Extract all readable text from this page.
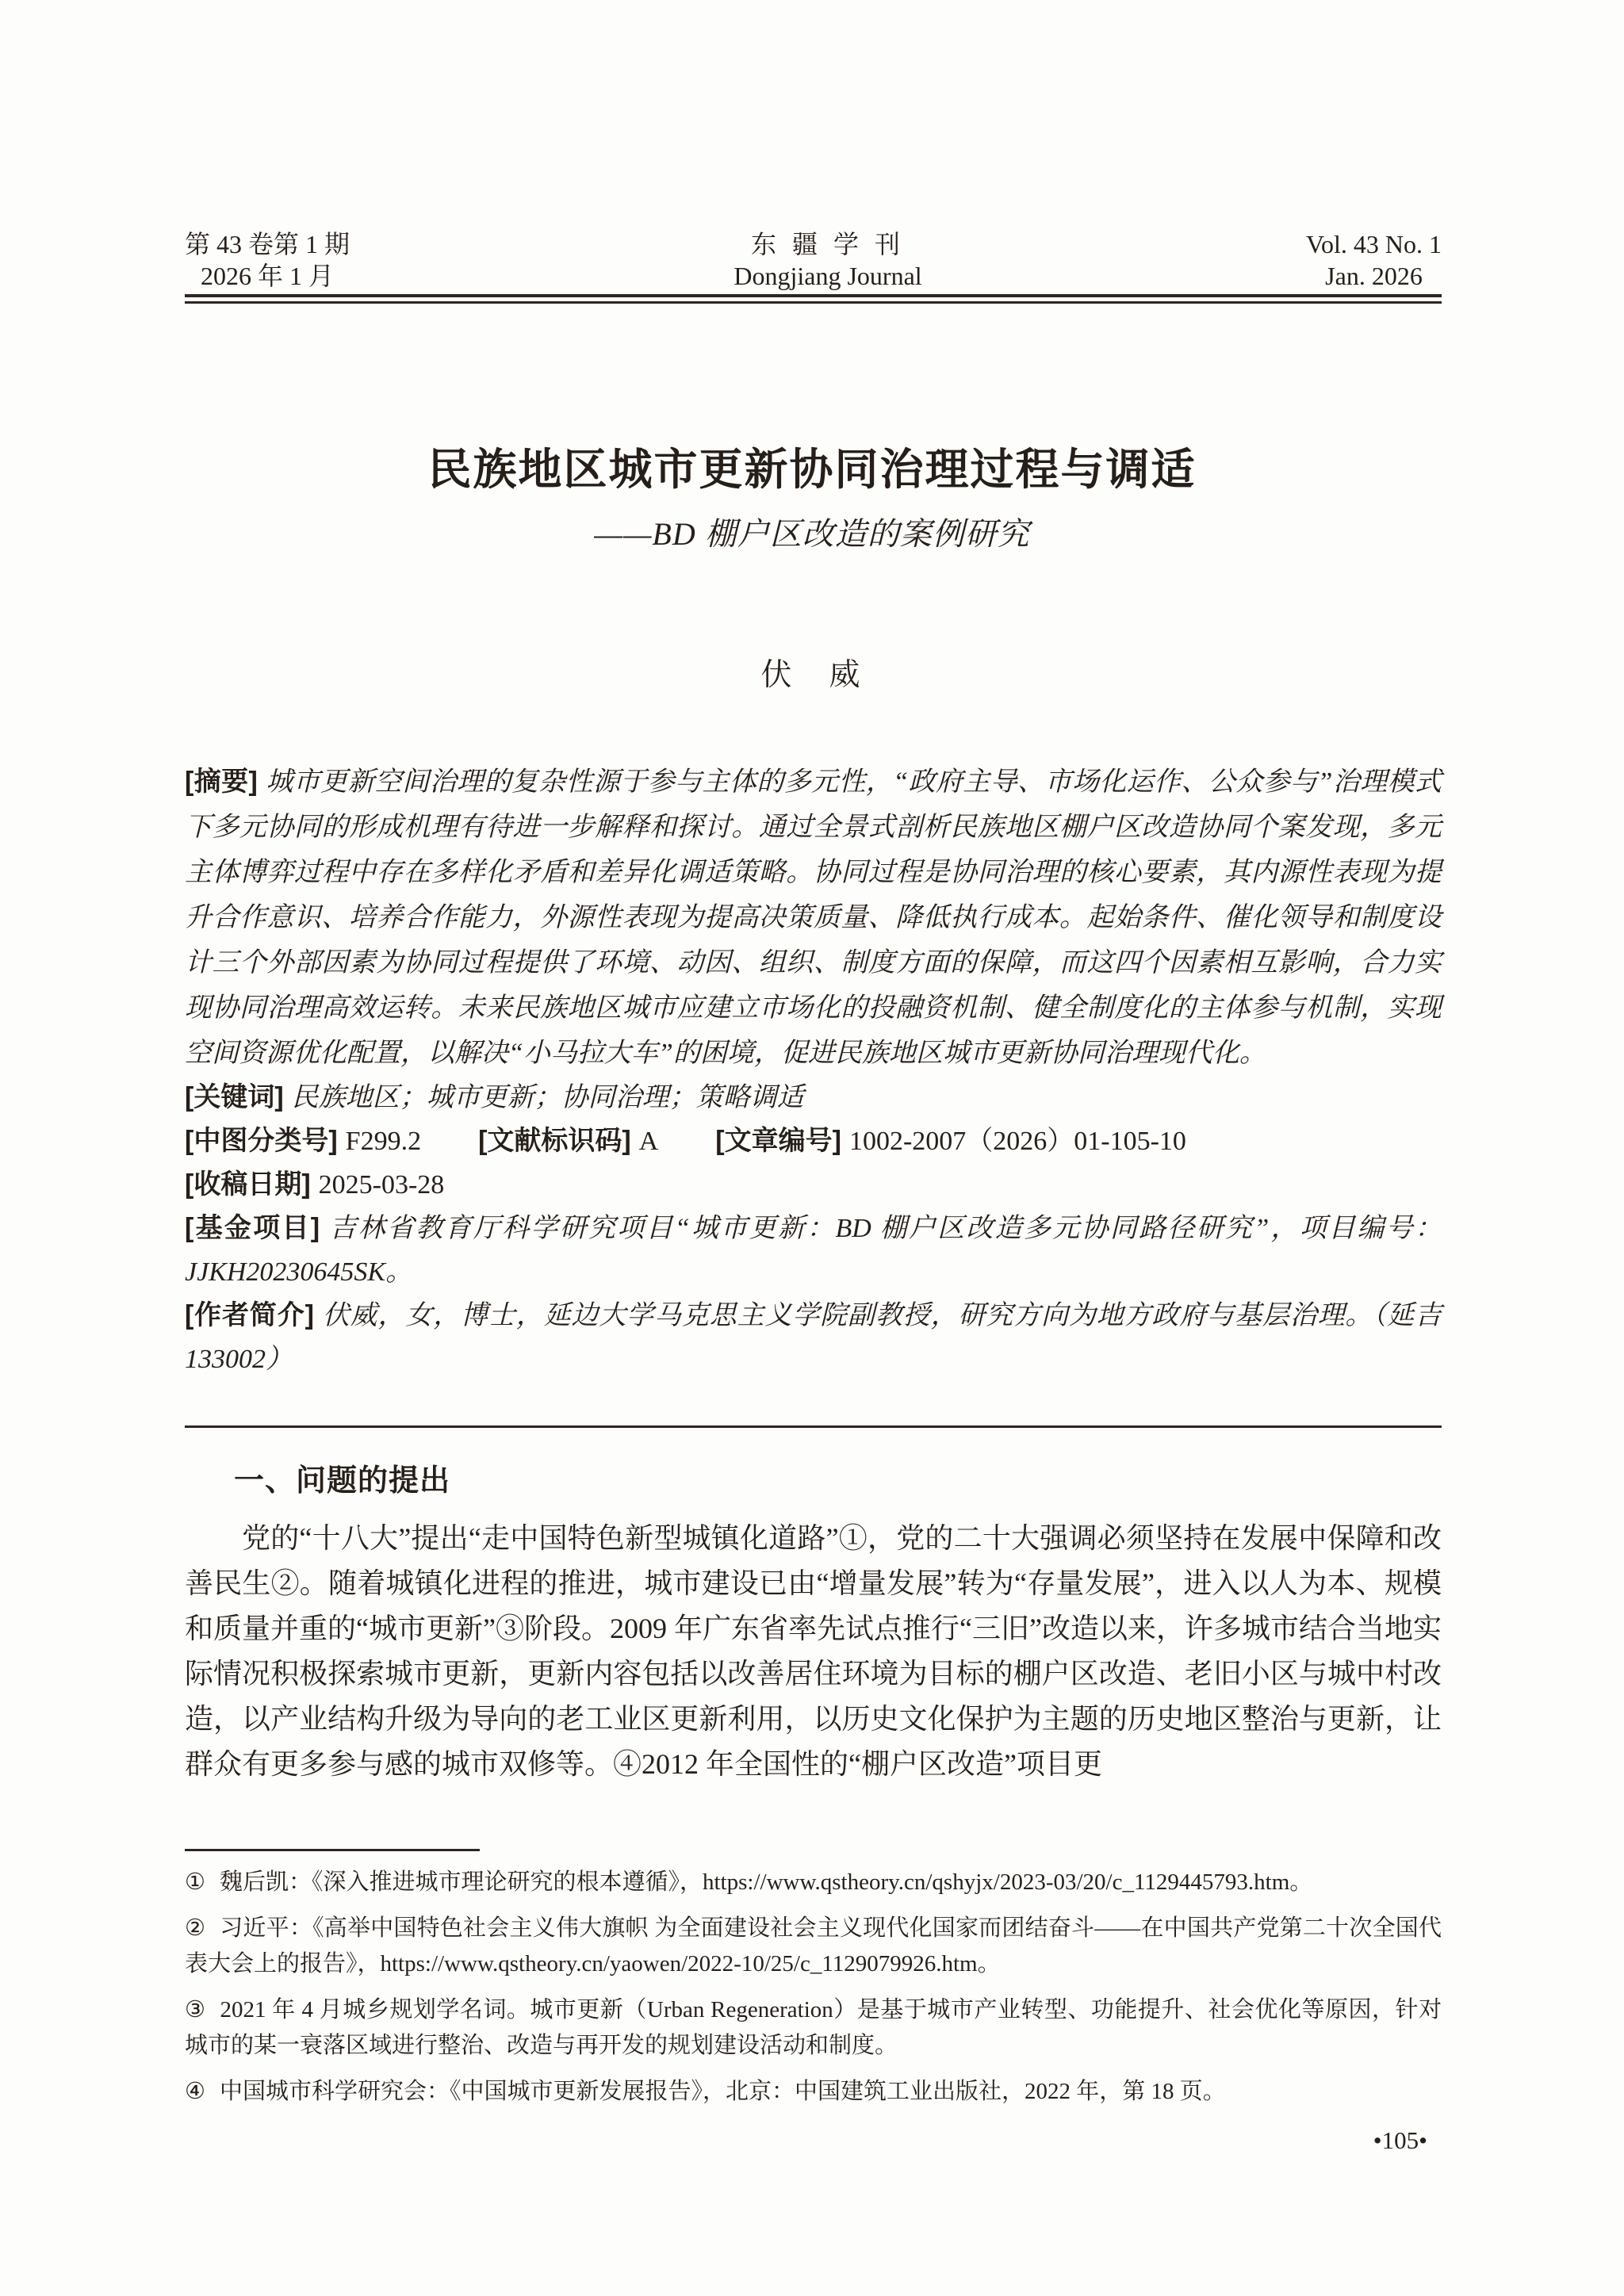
第 43 卷第 1 期
2026 年 1 月
东 疆 学 刊
Dongjiang Journal
Vol. 43 No. 1
Jan. 2026
民族地区城市更新协同治理过程与调适
——BD 棚户区改造的案例研究
伏　威

[摘要] 城市更新空间治理的复杂性源于参与主体的多元性，“政府主导、市场化运作、公众参与”治理模式下多元协同的形成机理有待进一步解释和探讨。通过全景式剖析民族地区棚户区改造协同个案发现，多元主体博弈过程中存在多样化矛盾和差异化调适策略。协同过程是协同治理的核心要素，其内源性表现为提升合作意识、培养合作能力，外源性表现为提高决策质量、降低执行成本。起始条件、催化领导和制度设计三个外部因素为协同过程提供了环境、动因、组织、制度方面的保障，而这四个因素相互影响，合力实现协同治理高效运转。未来民族地区城市应建立市场化的投融资机制、健全制度化的主体参与机制，实现空间资源优化配置，以解决“小马拉大车”的困境，促进民族地区城市更新协同治理现代化。

[关键词] 民族地区；城市更新；协同治理；策略调适

[中图分类号] F299.2 [文献标识码] A [文章编号] 1002-2007（2026）01-105-10

[收稿日期] 2025-03-28

[基金项目] 吉林省教育厅科学研究项目“城市更新：BD 棚户区改造多元协同路径研究”，项目编号：JJKH20230645SK。

[作者简介] 伏威，女，博士，延边大学马克思主义学院副教授，研究方向为地方政府与基层治理。（延吉 133002）

一、问题的提出

党的“十八大”提出“走中国特色新型城镇化道路”①，党的二十大强调必须坚持在发展中保障和改善民生②。随着城镇化进程的推进，城市建设已由“增量发展”转为“存量发展”，进入以人为本、规模和质量并重的“城市更新”③阶段。2009 年广东省率先试点推行“三旧”改造以来，许多城市结合当地实际情况积极探索城市更新，更新内容包括以改善居住环境为目标的棚户区改造、老旧小区与城中村改造，以产业结构升级为导向的老工业区更新利用，以历史文化保护为主题的历史地区整治与更新，让群众有更多参与感的城市双修等。④2012 年全国性的“棚户区改造”项目更

① 魏后凯：《深入推进城市理论研究的根本遵循》，https://www.qstheory.cn/qshyjx/2023-03/20/c_1129445793.htm。

② 习近平：《高举中国特色社会主义伟大旗帜 为全面建设社会主义现代化国家而团结奋斗——在中国共产党第二十次全国代表大会上的报告》，https://www.qstheory.cn/yaowen/2022-10/25/c_1129079926.htm。

③ 2021 年 4 月城乡规划学名词。城市更新（Urban Regeneration）是基于城市产业转型、功能提升、社会优化等原因，针对城市的某一衰落区域进行整治、改造与再开发的规划建设活动和制度。

④ 中国城市科学研究会：《中国城市更新发展报告》，北京：中国建筑工业出版社，2022 年，第 18 页。

•105•
